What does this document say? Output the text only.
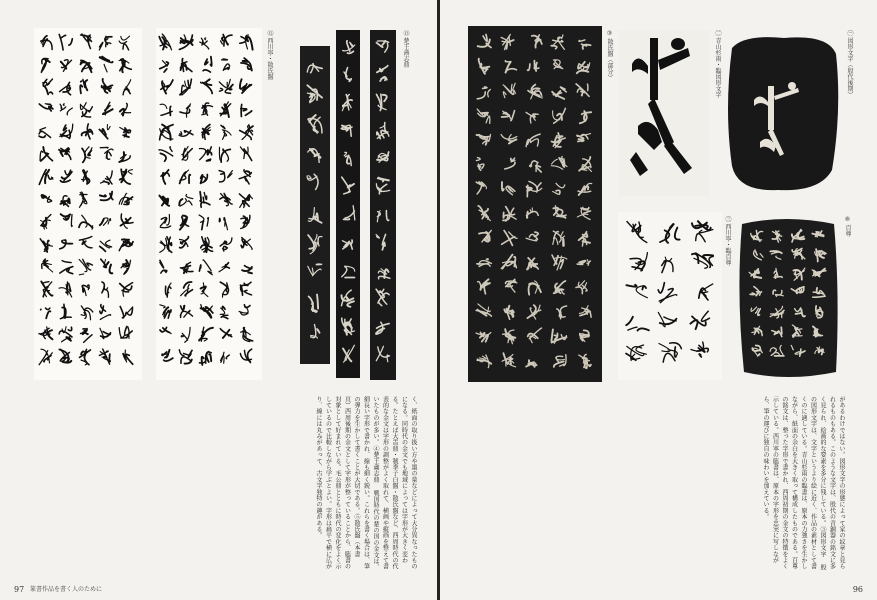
⑫ 西川寧・散氏盤	⑬ 楚王酓志鼎
く、紙面の取り扱い方や墨の量などによって大分異なったものになる。同時代の金文でも地域によっては字形が大きく変わる。たとえば大盂鼎・虢季子白盤・散氏盤など、西周時代の代表的な金文は字形の調整がよく取れて、横画や縦画を整えて書いたものが多い。④楚王盦志鼎 戦国時代の楚の国の金文は、細長い字形で書かれ、線も細く鋭い。これらを書く場合は、筆の弾力を生かして書くことが大切である。⑤散氏盤（本書 頁）西周後期の金文として字形が整っていることから、臨書の対象として好まれている。毛公鼎とともに時代の変化をよく示しているので比較しながら学ぶとよい。字形は扁平で横に広がり、線には丸みがあって、古文字独特の趣がある。
97 篆書作品を書く人のために
③ 散氏盤（部分）	㊁ 青山杉雨・臨図形文字	㊀ 図形文字（殷代後期）
㊂ 西川寧・臨百尊	⑧ 百尊
があるわけではない。図形文字の形態によって家の紋章と見られるものもある。このような文字は、殷代の青銅器の銘文に多く見られ、絵画的な要素を多分に残している。③図形文字 殷の図形文字は、文字というより絵に近く、作品の素材として書くのに適している。青山杉雨の臨書は、原本の力強さを生かしながら、紙面の余白を大きく取って構成したものである。百尊の銘文は、整った字形で書かれ、西周初期の金文の特徴をよく示している。西川寧の臨書は、原本の字形を忠実に写しながら、筆の運びに独自の味わいを加えている。
96
